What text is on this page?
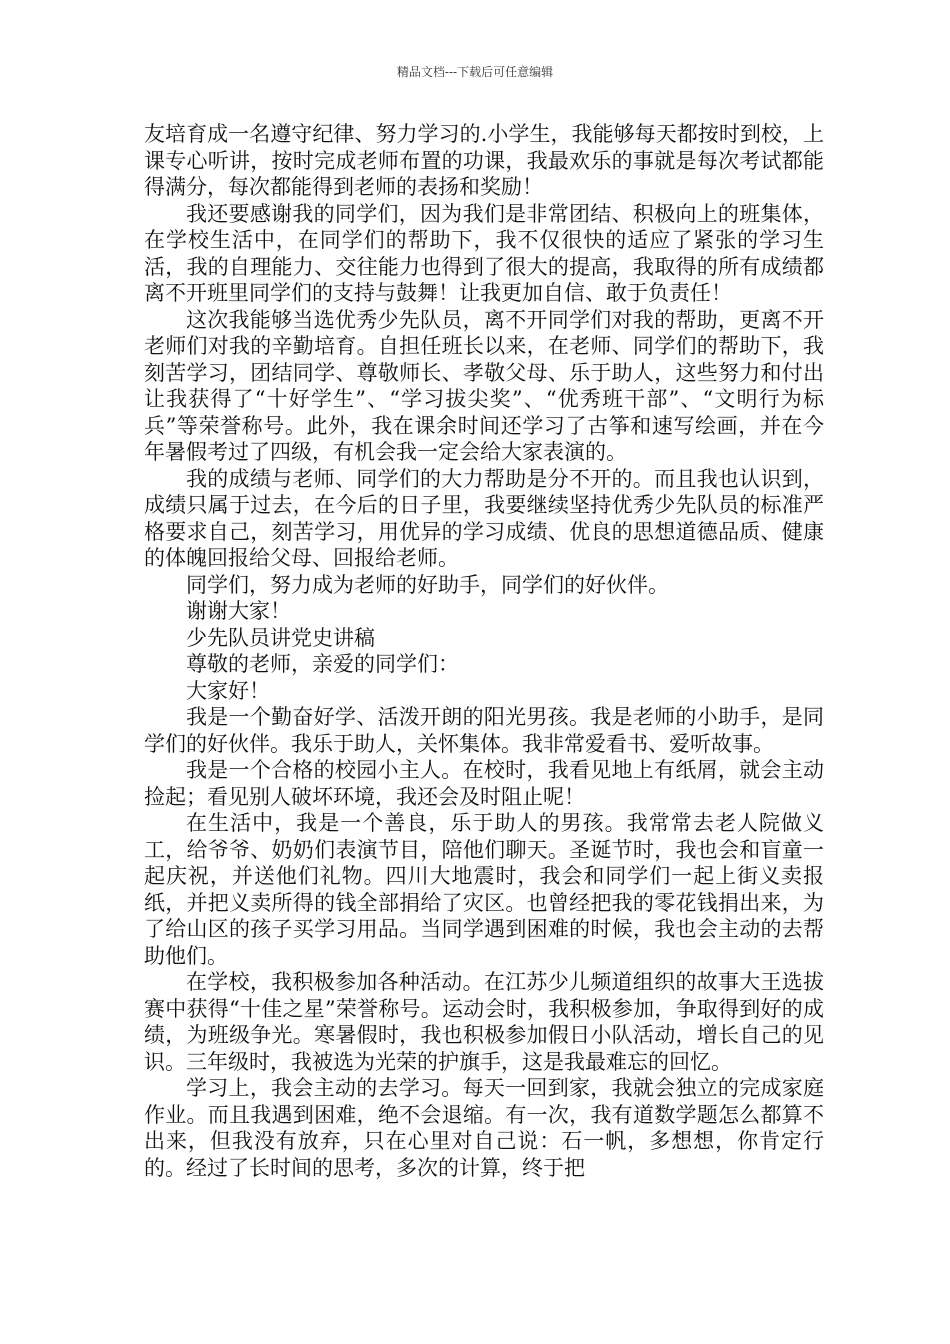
精品文档---下载后可任意编辑

友培育成一名遵守纪律、努力学习的.小学生，我能够每天都按时到校，上课专心听讲，按时完成老师布置的功课，我最欢乐的事就是每次考试都能得满分，每次都能得到老师的表扬和奖励！

我还要感谢我的同学们，因为我们是非常团结、积极向上的班集体，在学校生活中，在同学们的帮助下，我不仅很快的适应了紧张的学习生活，我的自理能力、交往能力也得到了很大的提高，我取得的所有成绩都离不开班里同学们的支持与鼓舞！让我更加自信、敢于负责任！

这次我能够当选优秀少先队员，离不开同学们对我的帮助，更离不开老师们对我的辛勤培育。自担任班长以来，在老师、同学们的帮助下，我刻苦学习，团结同学、尊敬师长、孝敬父母、乐于助人，这些努力和付出让我获得了“十好学生”、“学习拔尖奖”、“优秀班干部”、“文明行为标兵”等荣誉称号。此外，我在课余时间还学习了古筝和速写绘画，并在今年暑假考过了四级，有机会我一定会给大家表演的。

我的成绩与老师、同学们的大力帮助是分不开的。而且我也认识到，成绩只属于过去，在今后的日子里，我要继续坚持优秀少先队员的标准严格要求自己，刻苦学习，用优异的学习成绩、优良的思想道德品质、健康的体魄回报给父母、回报给老师。

同学们，努力成为老师的好助手，同学们的好伙伴。

谢谢大家！

少先队员讲党史讲稿

尊敬的老师，亲爱的同学们：

大家好！

我是一个勤奋好学、活泼开朗的阳光男孩。我是老师的小助手，是同学们的好伙伴。我乐于助人，关怀集体。我非常爱看书、爱听故事。

我是一个合格的校园小主人。在校时，我看见地上有纸屑，就会主动捡起；看见别人破坏环境，我还会及时阻止呢！

在生活中，我是一个善良，乐于助人的男孩。我常常去老人院做义工，给爷爷、奶奶们表演节目，陪他们聊天。圣诞节时，我也会和盲童一起庆祝，并送他们礼物。四川大地震时，我会和同学们一起上街义卖报纸，并把义卖所得的钱全部捐给了灾区。也曾经把我的零花钱捐出来，为了给山区的孩子买学习用品。当同学遇到困难的时候，我也会主动的去帮助他们。

在学校，我积极参加各种活动。在江苏少儿频道组织的故事大王选拔赛中获得“十佳之星”荣誉称号。运动会时，我积极参加，争取得到好的成绩，为班级争光。寒暑假时，我也积极参加假日小队活动，增长自己的见识。三年级时，我被选为光荣的护旗手，这是我最难忘的回忆。

学习上，我会主动的去学习。每天一回到家，我就会独立的完成家庭作业。而且我遇到困难，绝不会退缩。有一次，我有道数学题怎么都算不出来，但我没有放弃，只在心里对自己说：石一帆，多想想，你肯定行的。经过了长时间的思考，多次的计算，终于把
